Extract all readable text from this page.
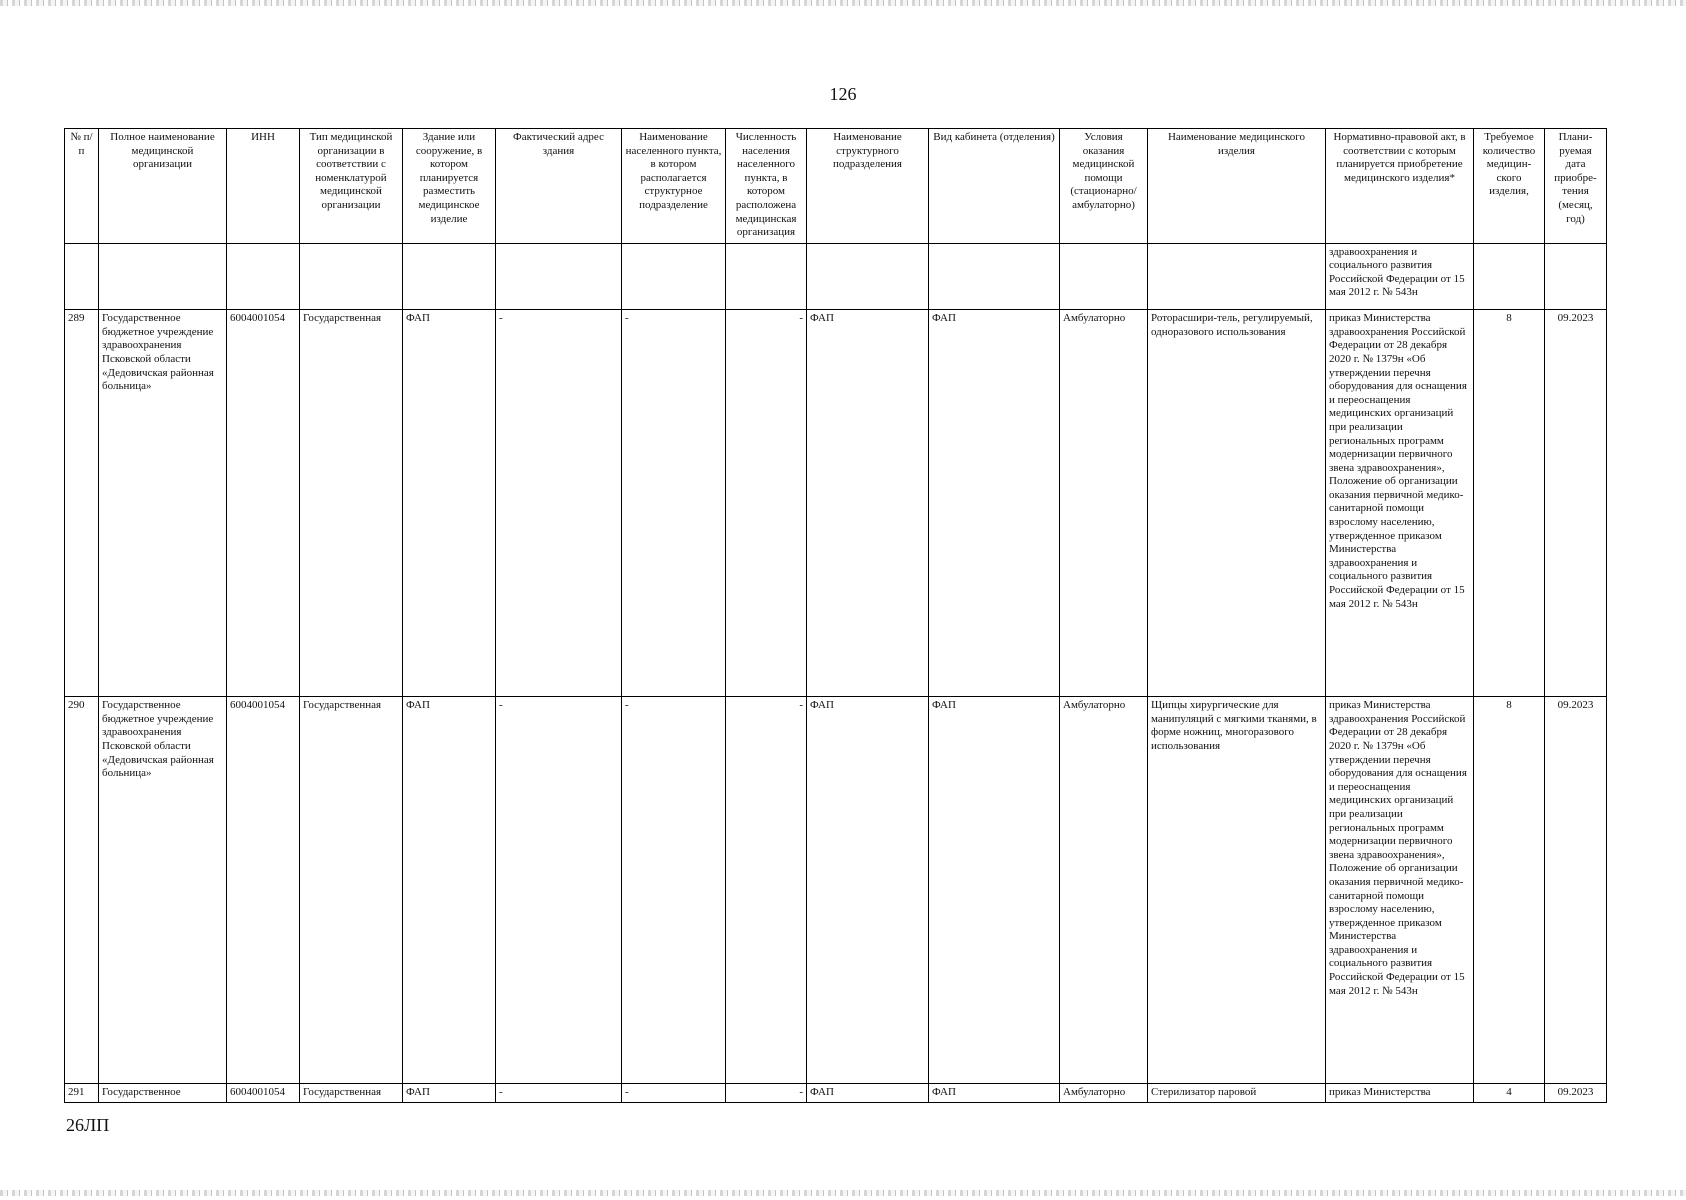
126
№ п/п	Полное наименование медицинской организации	ИНН	Тип медицинской организации в соответствии с номенклатурой медицинской организации	Здание или сооружение, в котором планируется разместить медицинское изделие	Фактический адрес здания	Наименование населенного пункта, в котором располагается структурное подразделение	Численность населения населенного пункта, в котором расположена медицинская организация	Наименование структурного подразделения	Вид кабинета (отделения)	Условия оказания медицинской помощи (стационарно/ амбулаторно)	Наименование медицинского изделия	Нормативно-правовой акт, в соответствии с которым планируется приобретение медицинского изделия*	Требуемое количество медицин-ского изделия,	Плани-руемая дата приобре-тения (месяц, год)
												здравоохранения и социального развития Российской Федерации от 15 мая 2012 г. № 543н		
289	Государственное бюджетное учреждение здравоохранения Псковской области «Дедовичская районная больница»	6004001054	Государственная	ФАП	-	-	-	ФАП	ФАП	Амбулаторно	Роторасшири-тель, регулируемый, одноразового использования	приказ Министерства здравоохранения Российской Федерации от 28 декабря 2020 г. № 1379н «Об утверждении перечня оборудования для оснащения и переоснащения медицинских организаций при реализации региональных программ модернизации первичного звена здравоохранения», Положение об организации оказания первичной медико-санитарной помощи взрослому населению, утвержденное приказом Министерства здравоохранения и социального развития Российской Федерации от 15 мая 2012 г. № 543н	8	09.2023
290	Государственное бюджетное учреждение здравоохранения Псковской области «Дедовичская районная больница»	6004001054	Государственная	ФАП	-	-	-	ФАП	ФАП	Амбулаторно	Щипцы хирургические для манипуляций с мягкими тканями, в форме ножниц, многоразового использования	приказ Министерства здравоохранения Российской Федерации от 28 декабря 2020 г. № 1379н «Об утверждении перечня оборудования для оснащения и переоснащения медицинских организаций при реализации региональных программ модернизации первичного звена здравоохранения», Положение об организации оказания первичной медико-санитарной помощи взрослому населению, утвержденное приказом Министерства здравоохранения и социального развития Российской Федерации от 15 мая 2012 г. № 543н	8	09.2023
291	Государственное	6004001054	Государственная	ФАП	-	-	-	ФАП	ФАП	Амбулаторно	Стерилизатор паровой	приказ Министерства	4	09.2023
26ЛП
